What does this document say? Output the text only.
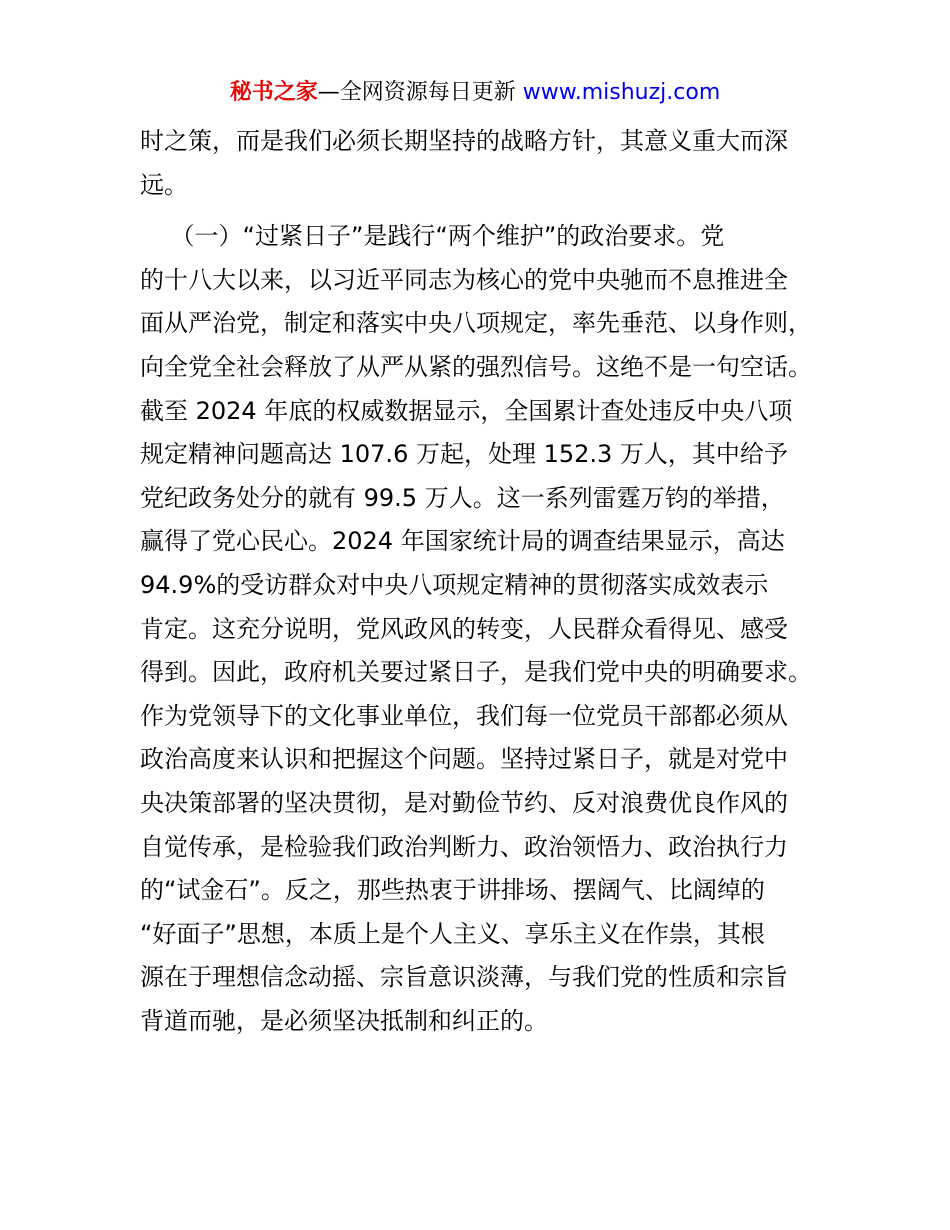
秘书之家—全网资源每日更新 www.mishuzj.com
时之策，而是我们必须长期坚持的战略方针，其意义重大而深
远。
（一）“过紧日子”是践行“两个维护”的政治要求。党
的十八大以来，以习近平同志为核心的党中央驰而不息推进全
面从严治党，制定和落实中央八项规定，率先垂范、以身作则，
向全党全社会释放了从严从紧的强烈信号。这绝不是一句空话。
截至 2024 年底的权威数据显示，全国累计查处违反中央八项
规定精神问题高达 107.6 万起，处理 152.3 万人，其中给予
党纪政务处分的就有 99.5 万人。这一系列雷霆万钧的举措，
赢得了党心民心。2024 年国家统计局的调查结果显示，高达
94.9%的受访群众对中央八项规定精神的贯彻落实成效表示
肯定。这充分说明，党风政风的转变，人民群众看得见、感受
得到。因此，政府机关要过紧日子，是我们党中央的明确要求。
作为党领导下的文化事业单位，我们每一位党员干部都必须从
政治高度来认识和把握这个问题。坚持过紧日子，就是对党中
央决策部署的坚决贯彻，是对勤俭节约、反对浪费优良作风的
自觉传承，是检验我们政治判断力、政治领悟力、政治执行力
的“试金石”。反之，那些热衷于讲排场、摆阔气、比阔绰的
“好面子”思想，本质上是个人主义、享乐主义在作祟，其根
源在于理想信念动摇、宗旨意识淡薄，与我们党的性质和宗旨
背道而驰，是必须坚决抵制和纠正的。
